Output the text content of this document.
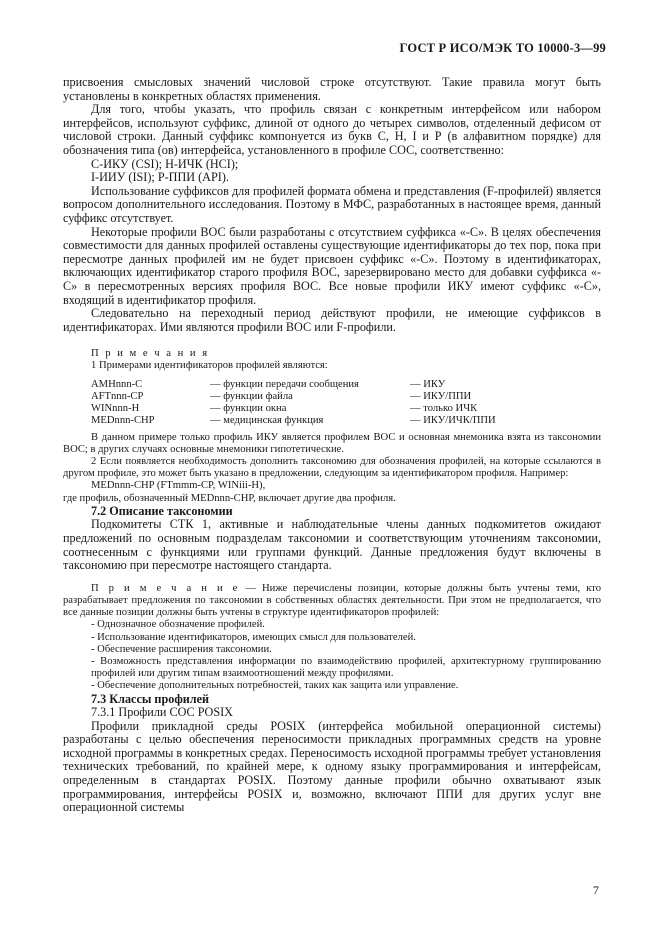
ГОСТ Р ИСО/МЭК ТО 10000-3—99

присвоения смысловых значений числовой строке отсутствуют. Такие правила могут быть установлены в конкретных областях применения.

Для того, чтобы указать, что профиль связан с конкретным интерфейсом или набором интерфейсов, используют суффикс, длиной от одного до четырех символов, отделенный дефисом от числовой строки. Данный суффикс компонуется из букв С, Н, I и Р (в алфавитном порядке) для обозначения типа (ов) интерфейса, установленного в профиле СОС, соответственно:

С-ИКУ (CSI); Н-ИЧК (HCI);

I-ИИУ (ISI); Р-ППИ (API).

Использование суффиксов для профилей формата обмена и представления (F-профилей) является вопросом дополнительного исследования. Поэтому в МФС, разработанных в настоящее время, данный суффикс отсутствует.

Некоторые профили ВОС были разработаны с отсутствием суффикса «-С». В целях обеспечения совместимости для данных профилей оставлены существующие идентификаторы до тех пор, пока при пересмотре данных профилей им не будет присвоен суффикс «-С». Поэтому в идентификаторах, включающих идентификатор старого профиля ВОС, зарезервировано место для добавки суффикса «-С» в пересмотренных версиях профиля ВОС. Все новые профили ИКУ имеют суффикс «-С», входящий в идентификатор профиля.

Следовательно на переходный период действуют профили, не имеющие суффиксов в идентификаторах. Ими являются профили ВОС или F-профили.

П р и м е ч а н и я

1 Примерами идентификаторов профилей являются:

AMHnnn-C	— функции передачи сообщения	— ИКУ
AFTnnn-CP	— функции файла	— ИКУ/ППИ
WINnnn-H	— функции окна	— только ИЧК
MEDnnn-CHP	— медицинская функция	— ИКУ/ИЧК/ППИ

В данном примере только профиль ИКУ является профилем ВОС и основная мнемоника взята из таксономии ВОС; в других случаях основные мнемоники гипотетические.

2 Если появляется необходимость дополнить таксономию для обозначения профилей, на которые ссылаются в другом профиле, это может быть указано в предложении, следующим за идентификатором профиля. Например:

MEDnnn-CHP (FTmmm-CP, WINiii-H),

где профиль, обозначенный MEDnnn-CHP, включает другие два профиля.

7.2 Описание таксономии

Подкомитеты СТК 1, активные и наблюдательные члены данных подкомитетов ожидают предложений по основным подразделам таксономии и соответствующим уточнениям таксономии, соотнесенным с функциями или группами функций. Данные предложения будут включены в таксономию при пересмотре настоящего стандарта.

П р и м е ч а н и е — Ниже перечислены позиции, которые должны быть учтены теми, кто разрабатывает предложения по таксономии в собственных областях деятельности. При этом не предполагается, что все данные позиции должны быть учтены в структуре идентификаторов профилей:

- Однозначное обозначение профилей.
- Использование идентификаторов, имеющих смысл для пользователей.
- Обеспечение расширения таксономии.
- Возможность представления информации по взаимодействию профилей, архитектурному группированию профилей или другим типам взаимоотношений между профилями.
- Обеспечение дополнительных потребностей, таких как защита или управление.

7.3 Классы профилей

7.3.1 Профили СОС POSIX

Профили прикладной среды POSIX (интерфейса мобильной операционной системы) разработаны с целью обеспечения переносимости прикладных программных средств на уровне исходной программы в конкретных средах. Переносимость исходной программы требует установления технических требований, по крайней мере, к одному языку программирования и интерфейсам, определенным в стандартах POSIX. Поэтому данные профили обычно охватывают язык программирования, интерфейсы POSIX и, возможно, включают ППИ для других услуг вне операционной системы

7
